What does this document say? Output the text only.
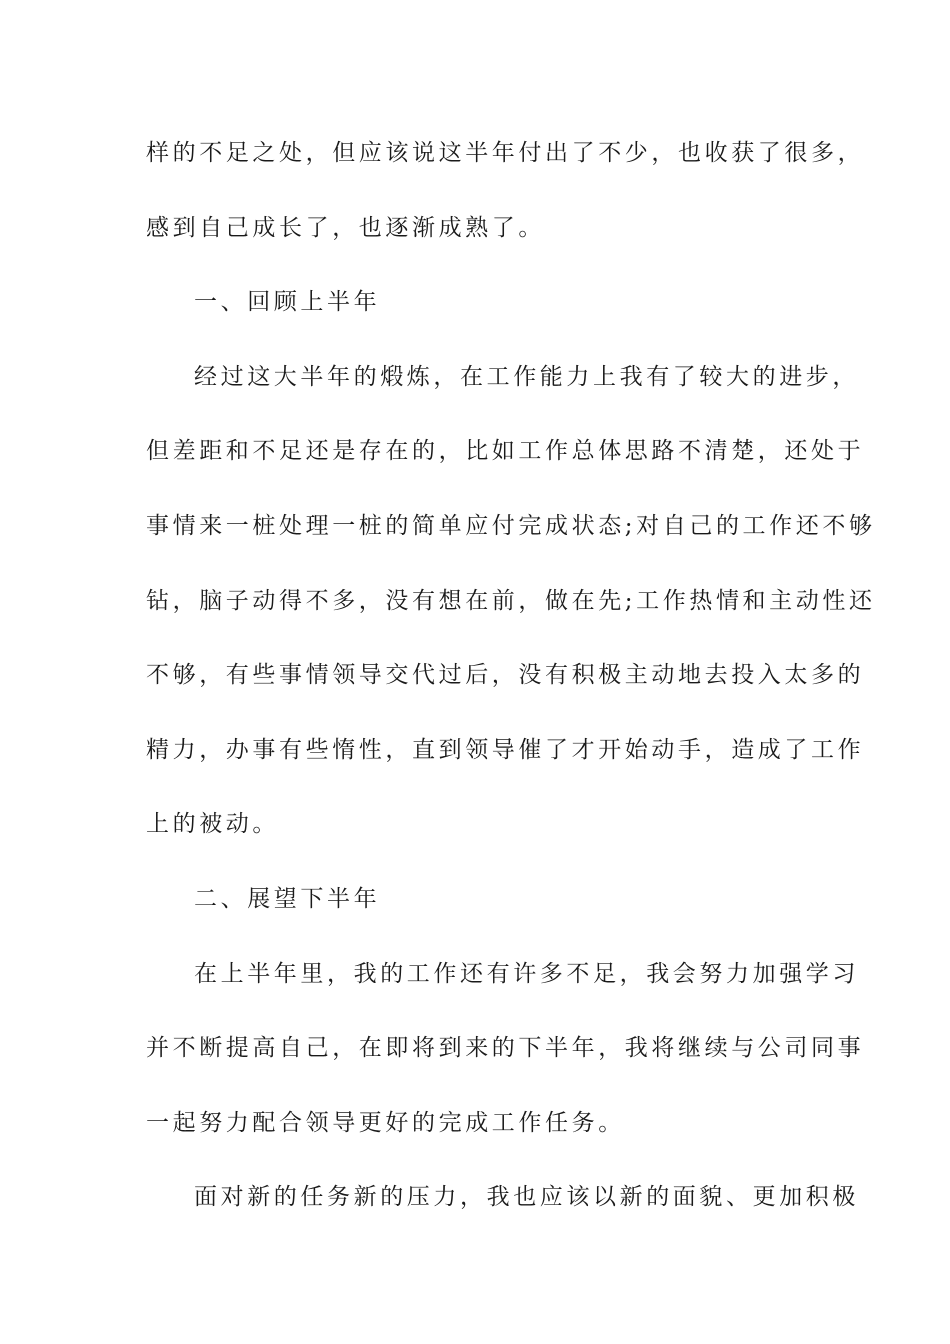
样的不足之处，但应该说这半年付出了不少，也收获了很多，
感到自己成长了，也逐渐成熟了。
一、回顾上半年
经过这大半年的煅炼，在工作能力上我有了较大的进步，
但差距和不足还是存在的，比如工作总体思路不清楚，还处于
事情来一桩处理一桩的简单应付完成状态;对自己的工作还不够
钻，脑子动得不多，没有想在前，做在先;工作热情和主动性还
不够，有些事情领导交代过后，没有积极主动地去投入太多的
精力，办事有些惰性，直到领导催了才开始动手，造成了工作
上的被动。
二、展望下半年
在上半年里，我的工作还有许多不足，我会努力加强学习
并不断提高自己，在即将到来的下半年，我将继续与公司同事
一起努力配合领导更好的完成工作任务。
面对新的任务新的压力，我也应该以新的面貌、更加积极
